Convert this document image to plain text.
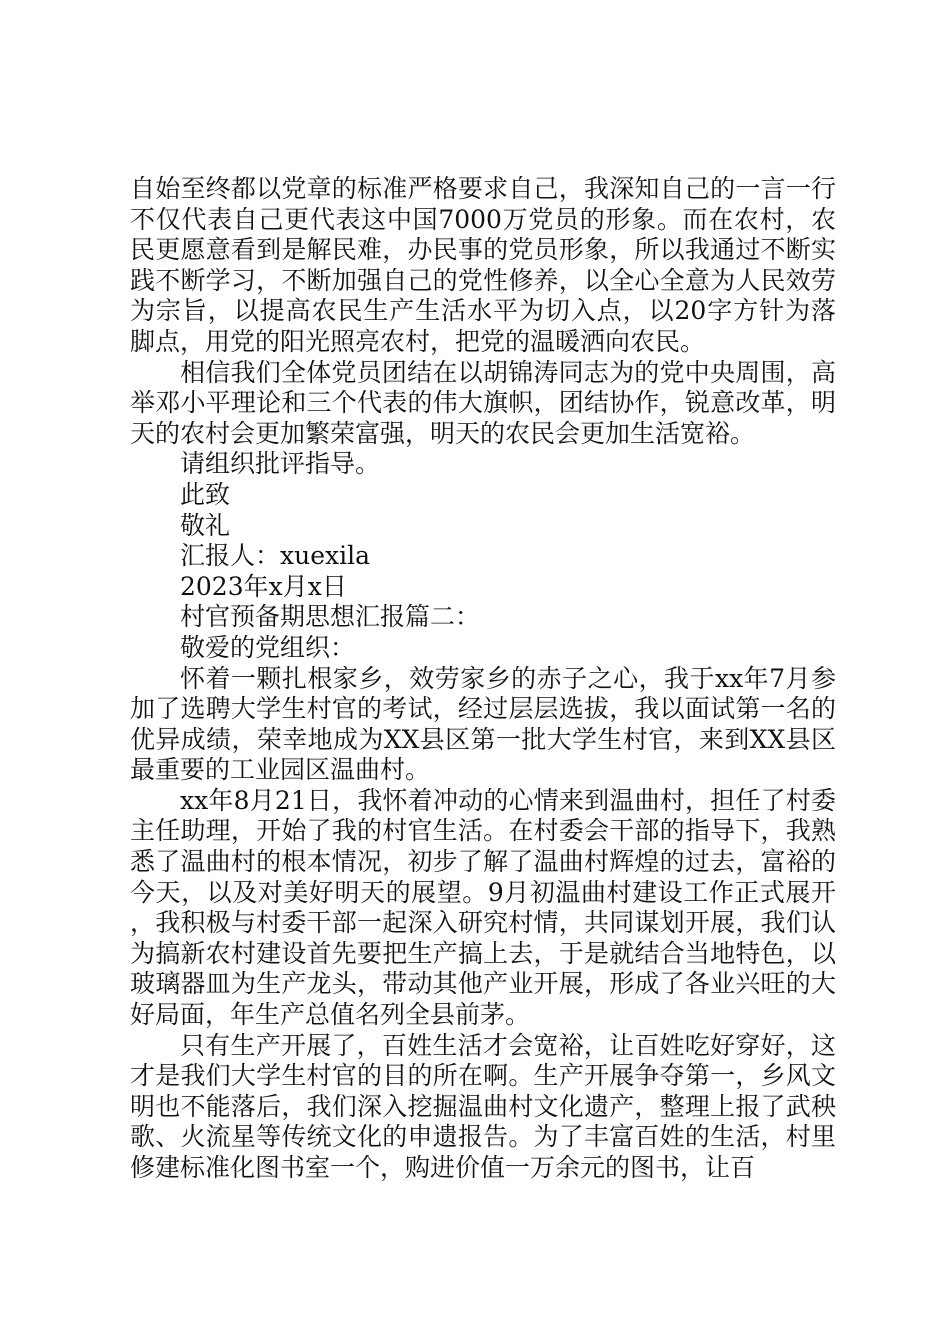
自始至终都以党章的标准严格要求自己，我深知自己的一言一行不仅代表自己更代表这中国7000万党员的形象。而在农村，农民更愿意看到是解民难，办民事的党员形象，所以我通过不断实践不断学习，不断加强自己的党性修养，以全心全意为人民效劳为宗旨，以提高农民生产生活水平为切入点，以20字方针为落脚点，用党的阳光照亮农村，把党的温暖洒向农民。

相信我们全体党员团结在以胡锦涛同志为的党中央周围，高举邓小平理论和三个代表的伟大旗帜，团结协作，锐意改革，明天的农村会更加繁荣富强，明天的农民会更加生活宽裕。

请组织批评指导。

此致

敬礼

汇报人：xuexila

2023年x月x日

村官预备期思想汇报篇二：

敬爱的党组织：

怀着一颗扎根家乡，效劳家乡的赤子之心，我于xx年7月参加了选聘大学生村官的考试，经过层层选拔，我以面试第一名的优异成绩，荣幸地成为XX县区第一批大学生村官，来到XX县区最重要的工业园区温曲村。

xx年8月21日，我怀着冲动的心情来到温曲村，担任了村委主任助理，开始了我的村官生活。在村委会干部的指导下，我熟悉了温曲村的根本情况，初步了解了温曲村辉煌的过去，富裕的今天，以及对美好明天的展望。9月初温曲村建设工作正式展开，我积极与村委干部一起深入研究村情，共同谋划开展，我们认为搞新农村建设首先要把生产搞上去，于是就结合当地特色，以玻璃器皿为生产龙头，带动其他产业开展，形成了各业兴旺的大好局面，年生产总值名列全县前茅。

只有生产开展了，百姓生活才会宽裕，让百姓吃好穿好，这才是我们大学生村官的目的所在啊。生产开展争夺第一，乡风文明也不能落后，我们深入挖掘温曲村文化遗产，整理上报了武秧歌、火流星等传统文化的申遗报告。为了丰富百姓的生活，村里修建标准化图书室一个，购进价值一万余元的图书，让百
